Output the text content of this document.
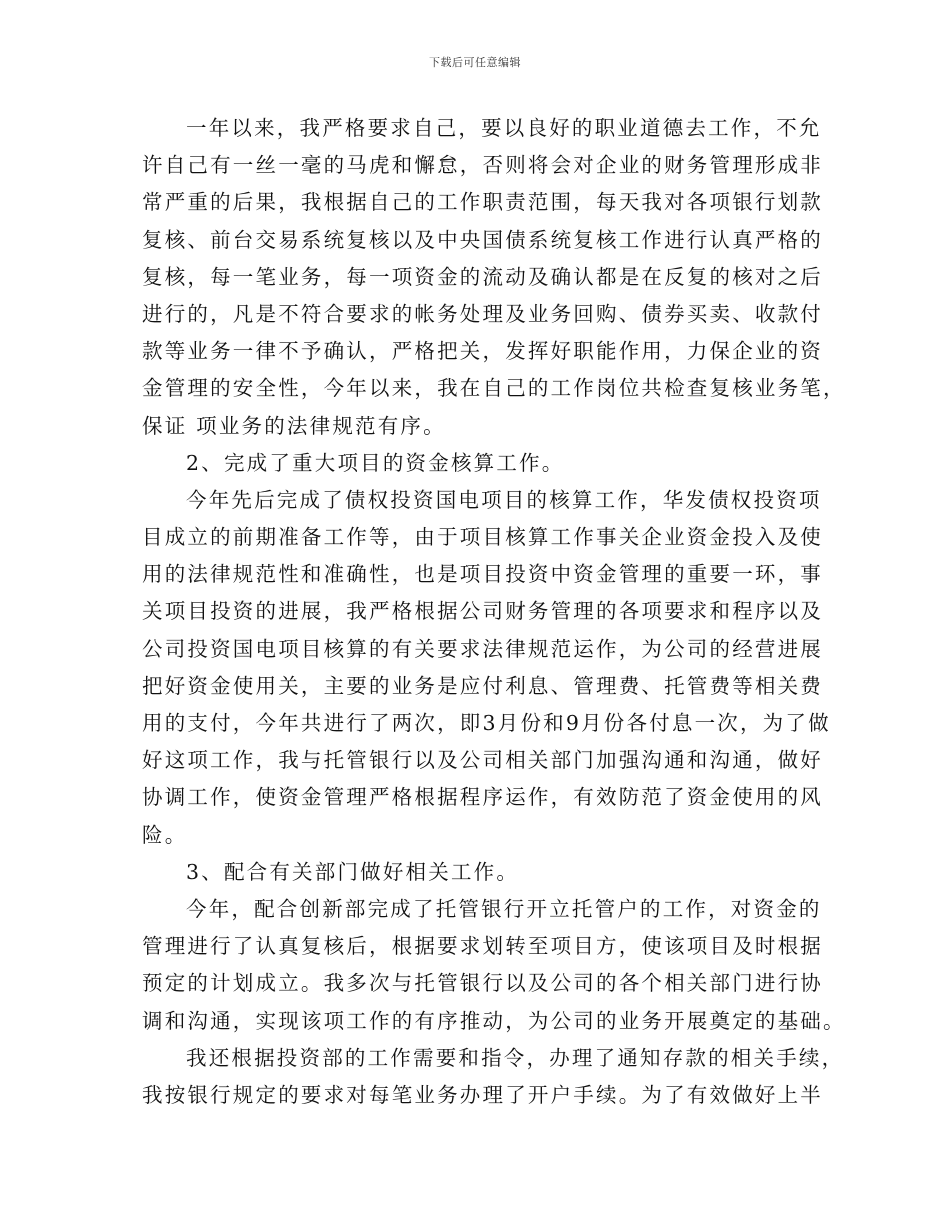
下载后可任意编辑
一年以来，我严格要求自己，要以良好的职业道德去工作，不允
许自己有一丝一毫的马虎和懈怠，否则将会对企业的财务管理形成非
常严重的后果，我根据自己的工作职责范围，每天我对各项银行划款
复核、前台交易系统复核以及中央国债系统复核工作进行认真严格的
复核，每一笔业务，每一项资金的流动及确认都是在反复的核对之后
进行的，凡是不符合要求的帐务处理及业务回购、债券买卖、收款付
款等业务一律不予确认，严格把关，发挥好职能作用，力保企业的资
金管理的安全性，今年以来，我在自己的工作岗位共检查复核业务笔，
保证 项业务的法律规范有序。
2、完成了重大项目的资金核算工作。
今年先后完成了债权投资国电项目的核算工作，华发债权投资项
目成立的前期准备工作等，由于项目核算工作事关企业资金投入及使
用的法律规范性和准确性，也是项目投资中资金管理的重要一环，事
关项目投资的进展，我严格根据公司财务管理的各项要求和程序以及
公司投资国电项目核算的有关要求法律规范运作，为公司的经营进展
把好资金使用关，主要的业务是应付利息、管理费、托管费等相关费
用的支付，今年共进行了两次，即3月份和9月份各付息一次，为了做
好这项工作，我与托管银行以及公司相关部门加强沟通和沟通，做好
协调工作，使资金管理严格根据程序运作，有效防范了资金使用的风
险。
3、配合有关部门做好相关工作。
今年，配合创新部完成了托管银行开立托管户的工作，对资金的
管理进行了认真复核后，根据要求划转至项目方，使该项目及时根据
预定的计划成立。我多次与托管银行以及公司的各个相关部门进行协
调和沟通，实现该项工作的有序推动，为公司的业务开展奠定的基础。
我还根据投资部的工作需要和指令，办理了通知存款的相关手续，
我按银行规定的要求对每笔业务办理了开户手续。为了有效做好上半
